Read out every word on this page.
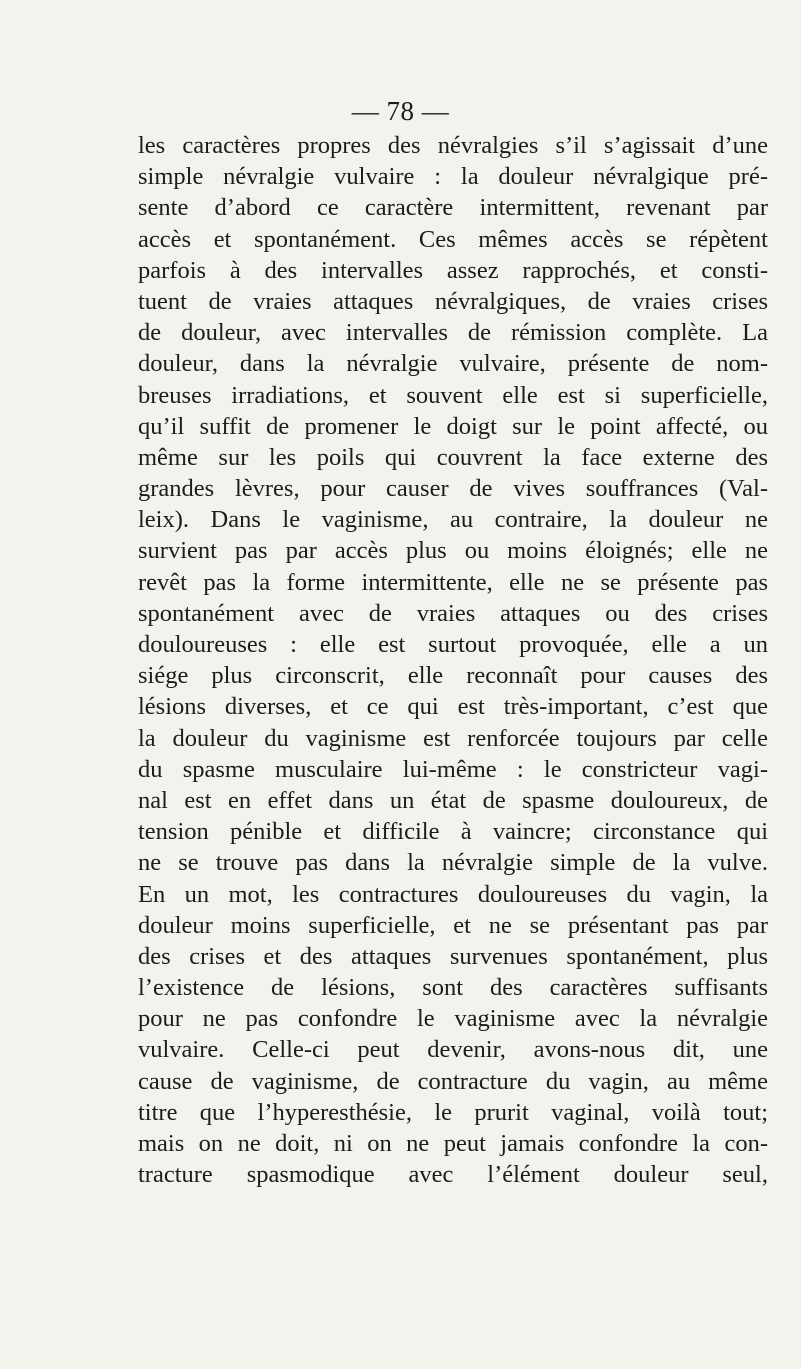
— 78 —
les caractères propres des névralgies s’il s’agissait d’une
simple névralgie vulvaire : la douleur névralgique pré-
sente d’abord ce caractère intermittent, revenant par
accès et spontanément. Ces mêmes accès se répètent
parfois à des intervalles assez rapprochés, et consti-
tuent de vraies attaques névralgiques, de vraies crises
de douleur, avec intervalles de rémission complète. La
douleur, dans la névralgie vulvaire, présente de nom-
breuses irradiations, et souvent elle est si superficielle,
qu’il suffit de promener le doigt sur le point affecté, ou
même sur les poils qui couvrent la face externe des
grandes lèvres, pour causer de vives souffrances (Val-
leix). Dans le vaginisme, au contraire, la douleur ne
survient pas par accès plus ou moins éloignés; elle ne
revêt pas la forme intermittente, elle ne se présente pas
spontanément avec de vraies attaques ou des crises
douloureuses : elle est surtout provoquée, elle a un
siége plus circonscrit, elle reconnaît pour causes des
lésions diverses, et ce qui est très-important, c’est que
la douleur du vaginisme est renforcée toujours par celle
du spasme musculaire lui-même : le constricteur vagi-
nal est en effet dans un état de spasme douloureux, de
tension pénible et difficile à vaincre; circonstance qui
ne se trouve pas dans la névralgie simple de la vulve.
En un mot, les contractures douloureuses du vagin, la
douleur moins superficielle, et ne se présentant pas par
des crises et des attaques survenues spontanément, plus
l’existence de lésions, sont des caractères suffisants
pour ne pas confondre le vaginisme avec la névralgie
vulvaire. Celle-ci peut devenir, avons-nous dit, une
cause de vaginisme, de contracture du vagin, au même
titre que l’hyperesthésie, le prurit vaginal, voilà tout;
mais on ne doit, ni on ne peut jamais confondre la con-
tracture spasmodique avec l’élément douleur seul,
